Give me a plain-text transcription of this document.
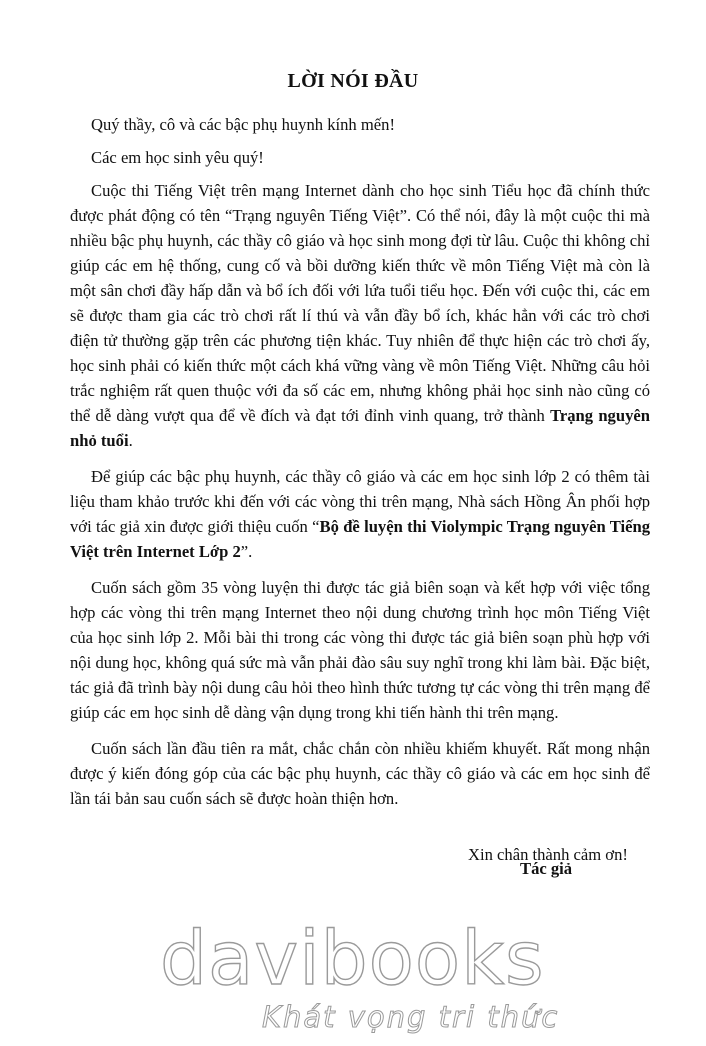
LỜI NÓI ĐẦU

Quý thầy, cô và các bậc phụ huynh kính mến!

Các em học sinh yêu quý!

Cuộc thi Tiếng Việt trên mạng Internet dành cho học sinh Tiểu học đã chính thức được phát động có tên “Trạng nguyên Tiếng Việt”. Có thể nói, đây là một cuộc thi mà nhiều bậc phụ huynh, các thầy cô giáo và học sinh mong đợi từ lâu. Cuộc thi không chỉ giúp các em hệ thống, cung cố và bồi dưỡng kiến thức về môn Tiếng Việt mà còn là một sân chơi đầy hấp dẫn và bổ ích đối với lứa tuổi tiểu học. Đến với cuộc thi, các em sẽ được tham gia các trò chơi rất lí thú và vẫn đầy bổ ích, khác hẳn với các trò chơi điện tử thường gặp trên các phương tiện khác. Tuy nhiên để thực hiện các trò chơi ấy, học sinh phải có kiến thức một cách khá vững vàng về môn Tiếng Việt. Những câu hỏi trắc nghiệm rất quen thuộc với đa số các em, nhưng không phải học sinh nào cũng có thể dễ dàng vượt qua để về đích và đạt tới đỉnh vinh quang, trở thành Trạng nguyên nhỏ tuổi.

Để giúp các bậc phụ huynh, các thầy cô giáo và các em học sinh lớp 2 có thêm tài liệu tham khảo trước khi đến với các vòng thi trên mạng, Nhà sách Hồng Ân phối hợp với tác giả xin được giới thiệu cuốn “Bộ đề luyện thi Violympic Trạng nguyên Tiếng Việt trên Internet Lớp 2”.

Cuốn sách gồm 35 vòng luyện thi được tác giả biên soạn và kết hợp với việc tổng hợp các vòng thi trên mạng Internet theo nội dung chương trình học môn Tiếng Việt của học sinh lớp 2. Mỗi bài thi trong các vòng thi được tác giả biên soạn phù hợp với nội dung học, không quá sức mà vẫn phải đào sâu suy nghĩ trong khi làm bài. Đặc biệt, tác giả đã trình bày nội dung câu hỏi theo hình thức tương tự các vòng thi trên mạng để giúp các em học sinh dễ dàng vận dụng trong khi tiến hành thi trên mạng.

Cuốn sách lần đầu tiên ra mắt, chắc chắn còn nhiều khiếm khuyết. Rất mong nhận được ý kiến đóng góp của các bậc phụ huynh, các thầy cô giáo và các em học sinh để lần tái bản sau cuốn sách sẽ được hoàn thiện hơn.

Xin chân thành cảm ơn!
Tác giả
davibooks
Khát vọng tri thức
